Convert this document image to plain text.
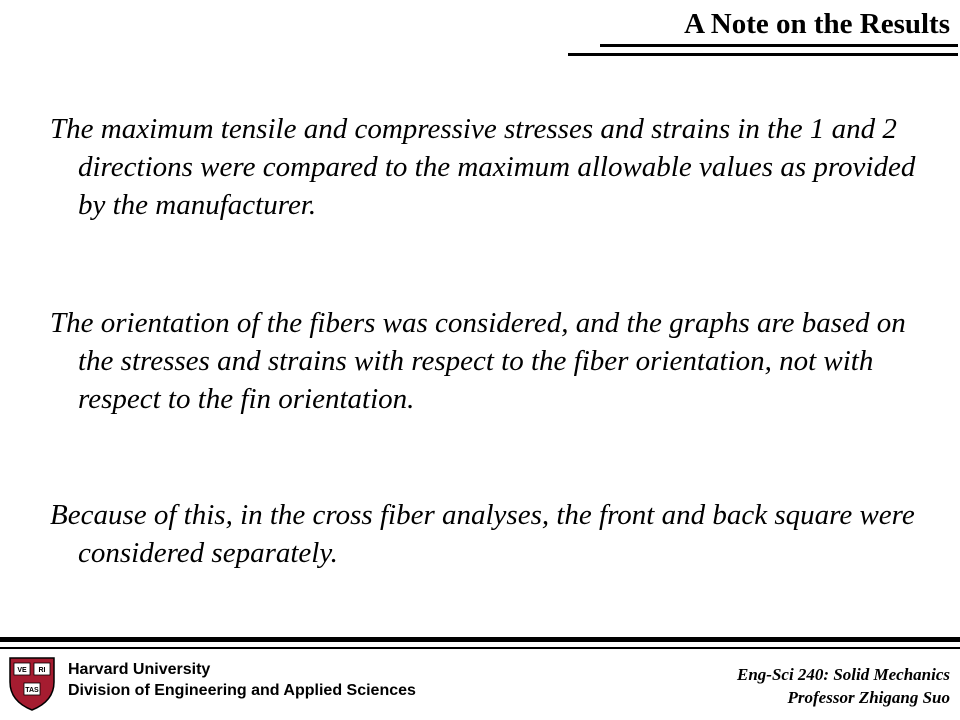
A Note on the Results

The maximum tensile and compressive stresses and strains in the 1 and 2 directions were compared to the maximum allowable values as provided by the manufacturer.

The orientation of the fibers was considered, and the graphs are based on the stresses and strains with respect to the fiber orientation, not with respect to the fin orientation.

Because of this, in the cross fiber analyses, the front and back square were considered separately.

VE RI
TAS
Harvard University
Division of Engineering and Applied Sciences
Eng-Sci 240: Solid Mechanics
Professor Zhigang Suo
